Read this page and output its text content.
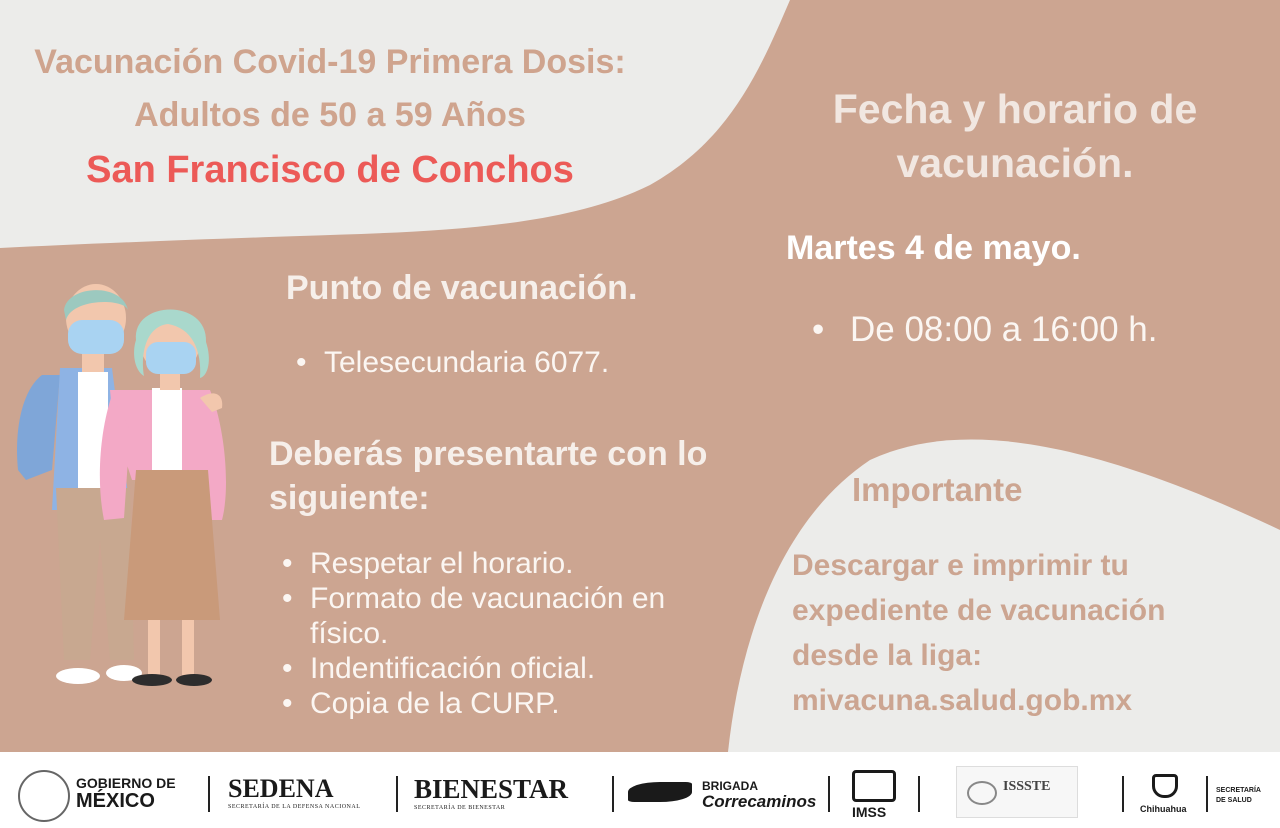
Vacunación Covid-19 Primera Dosis: Adultos de 50 a 59 Años

San Francisco de Conchos

Fecha y horario de vacunación.

Martes 4 de mayo.

• De 08:00 a 16:00 h.

Punto de vacunación.

• Telesecundaria 6077.

Deberás presentarte con lo siguiente:

• Respetar el horario.
• Formato de vacunación en físico.
• Indentificación oficial.
• Copia de la CURP.

Importante

Descargar e imprimir tu expediente de vacunación desde la liga:
mivacuna.salud.gob.mx

GOBIERNO DE
MÉXICO	SEDENA
SECRETARÍA DE LA DEFENSA NACIONAL
BIENESTAR
SECRETARÍA DE BIENESTAR
BRIGADA
Correcaminos
IMSS
ISSSTE
Chihuahua
SECRETARÍA
DE SALUD
